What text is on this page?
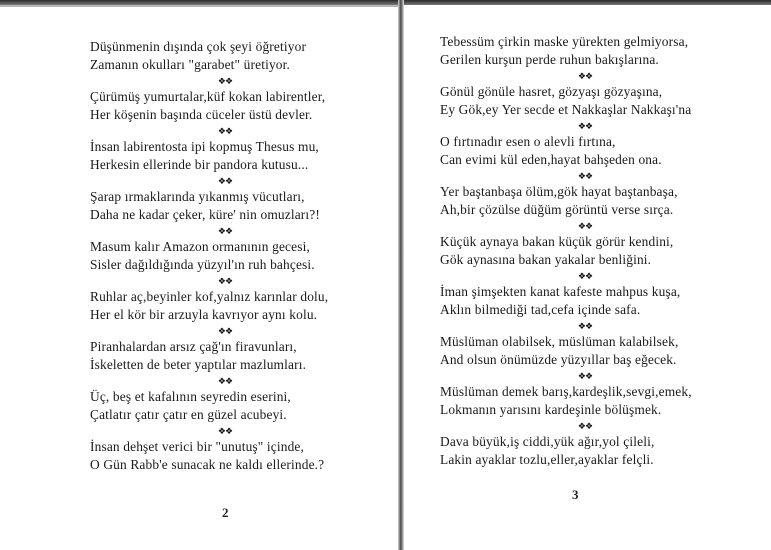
Düşünmenin dışında çok şeyi öğretiyor
Zamanın okulları "garabet" üretiyor.
❖❖
Çürümüş yumurtalar,küf kokan labirentler,
Her köşenin başında cüceler üstü devler.
❖❖
İnsan labirentosta ipi kopmuş Thesus mu,
Herkesin ellerinde bir pandora kutusu...
❖❖
Şarap ırmaklarında yıkanmış vücutları,
Daha ne kadar çeker, küre' nin omuzları?!
❖❖
Masum kalır Amazon ormanının gecesi,
Sisler dağıldığında yüzyıl'ın ruh bahçesi.
❖❖
Ruhlar aç,beyinler kof,yalnız karınlar dolu,
Her el kör bir arzuyla kavrıyor aynı kolu.
❖❖
Piranhalardan arsız çağ'ın firavunları,
İskeletten de beter yaptılar mazlumları.
❖❖
Üç, beş et kafalının seyredin eserini,
Çatlatır çatır çatır en güzel acubeyi.
❖❖
İnsan dehşet verici bir "unutuş" içinde,
O Gün Rabb'e sunacak ne kaldı ellerinde.?
2
Tebessüm çirkin maske yürekten gelmiyorsa,
Gerilen kurşun perde ruhun bakışlarına.
❖❖
Gönül gönüle hasret, gözyaşı gözyaşına,
Ey Gök,ey Yer secde et Nakkaşlar Nakkaşı'na
❖❖
O fırtınadır esen o alevli fırtına,
Can evimi kül eden,hayat bahşeden ona.
❖❖
Yer baştanbaşa ölüm,gök hayat baştanbaşa,
Ah,bir çözülse düğüm görüntü verse sırça.
❖❖
Küçük aynaya bakan küçük görür kendini,
Gök aynasına bakan yakalar benliğini.
❖❖
İman şimşekten kanat kafeste mahpus kuşa,
Aklın bilmediği tad,cefa içinde safa.
❖❖
Müslüman olabilsek, müslüman kalabilsek,
And olsun önümüzde yüzyıllar baş eğecek.
❖❖
Müslüman demek barış,kardeşlik,sevgi,emek,
Lokmanın yarısını kardeşinle bölüşmek.
❖❖
Dava büyük,iş ciddi,yük ağır,yol çileli,
Lakin ayaklar tozlu,eller,ayaklar felçli.
3
